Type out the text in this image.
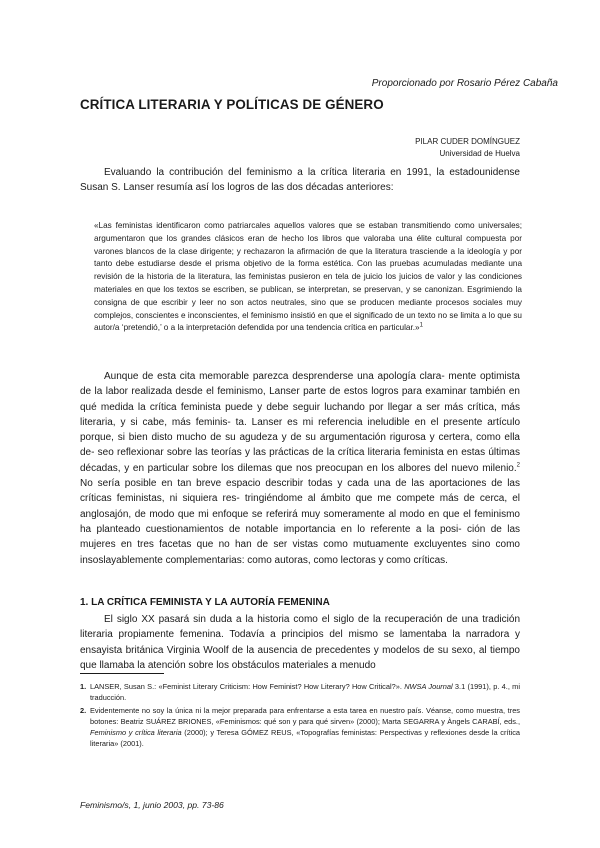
Proporcionado por Rosario Pérez Cabaña
CRÍTICA LITERARIA Y POLÍTICAS DE GÉNERO
PILAR CUDER DOMÍNGUEZ
Universidad de Huelva
Evaluando la contribución del feminismo a la crítica literaria en 1991, la estadounidense Susan S. Lanser resumía así los logros de las dos décadas anteriores:
«Las feministas identificaron como patriarcales aquellos valores que se estaban transmitiendo como universales; argumentaron que los grandes clásicos eran de hecho los libros que valoraba una élite cultural compuesta por varones blancos de la clase dirigente; y rechazaron la afirmación de que la literatura trasciende a la ideología y por tanto debe estudiarse desde el prisma objetivo de la forma estética. Con las pruebas acumuladas mediante una revisión de la historia de la literatura, las feministas pusieron en tela de juicio los juicios de valor y las condiciones materiales en que los textos se escriben, se publican, se interpretan, se preservan, y se canonizan. Esgrimiendo la consigna de que escribir y leer no son actos neutrales, sino que se producen mediante procesos sociales muy complejos, conscientes e inconscientes, el feminismo insistió en que el significado de un texto no se limita a lo que su autor/a ‘pretendió,’ o a la interpretación defendida por una tendencia crítica en particular.»$^1$
Aunque de esta cita memorable parezca desprenderse una apología clara- mente optimista de la labor realizada desde el feminismo, Lanser parte de estos logros para examinar también en qué medida la crítica feminista puede y debe seguir luchando por llegar a ser más crítica, más literaria, y si cabe, más feminis- ta. Lanser es mi referencia ineludible en el presente artículo porque, si bien disto mucho de su agudeza y de su argumentación rigurosa y certera, como ella de- seo reflexionar sobre las teorías y las prácticas de la crítica literaria feminista en estas últimas décadas, y en particular sobre los dilemas que nos preocupan en los albores del nuevo milenio.$^2$ No sería posible en tan breve espacio describir todas y cada una de las aportaciones de las críticas feministas, ni siquiera res- tringiéndome al ámbito que me compete más de cerca, el anglosajón, de modo que mi enfoque se referirá muy someramente al modo en que el feminismo ha planteado cuestionamientos de notable importancia en lo referente a la posi- ción de las mujeres en tres facetas que no han de ser vistas como mutuamente excluyentes sino como insoslayablemente complementarias: como autoras, como lectoras y como críticas.
1. LA CRÍTICA FEMINISTA Y LA AUTORÍA FEMENINA
El siglo XX pasará sin duda a la historia como el siglo de la recuperación de una tradición literaria propiamente femenina. Todavía a principios del mismo se lamentaba la narradora y ensayista británica Virginia Woolf de la ausencia de precedentes y modelos de su sexo, al tiempo que llamaba la atención sobre los obstáculos materiales a menudo
1. LANSER, Susan S.: «Feminist Literary Criticism: How Feminist? How Literary? How Critical?». NWSA Journal 3.1 (1991), p. 4., mi traducción.
2. Evidentemente no soy la única ni la mejor preparada para enfrentarse a esta tarea en nuestro país. Véanse, como muestra, tres botones: Beatriz SUÁREZ BRIONES, «Feminismos: qué son y para qué sirven» (2000); Marta SEGARRA y Àngels CARABÍ, eds., Feminismo y crítica literaria (2000); y Teresa GÓMEZ REUS, «Topografías feministas: Perspectivas y reflexiones desde la crítica literaria» (2001).
Feminismo/s, 1, junio 2003, pp. 73-86
